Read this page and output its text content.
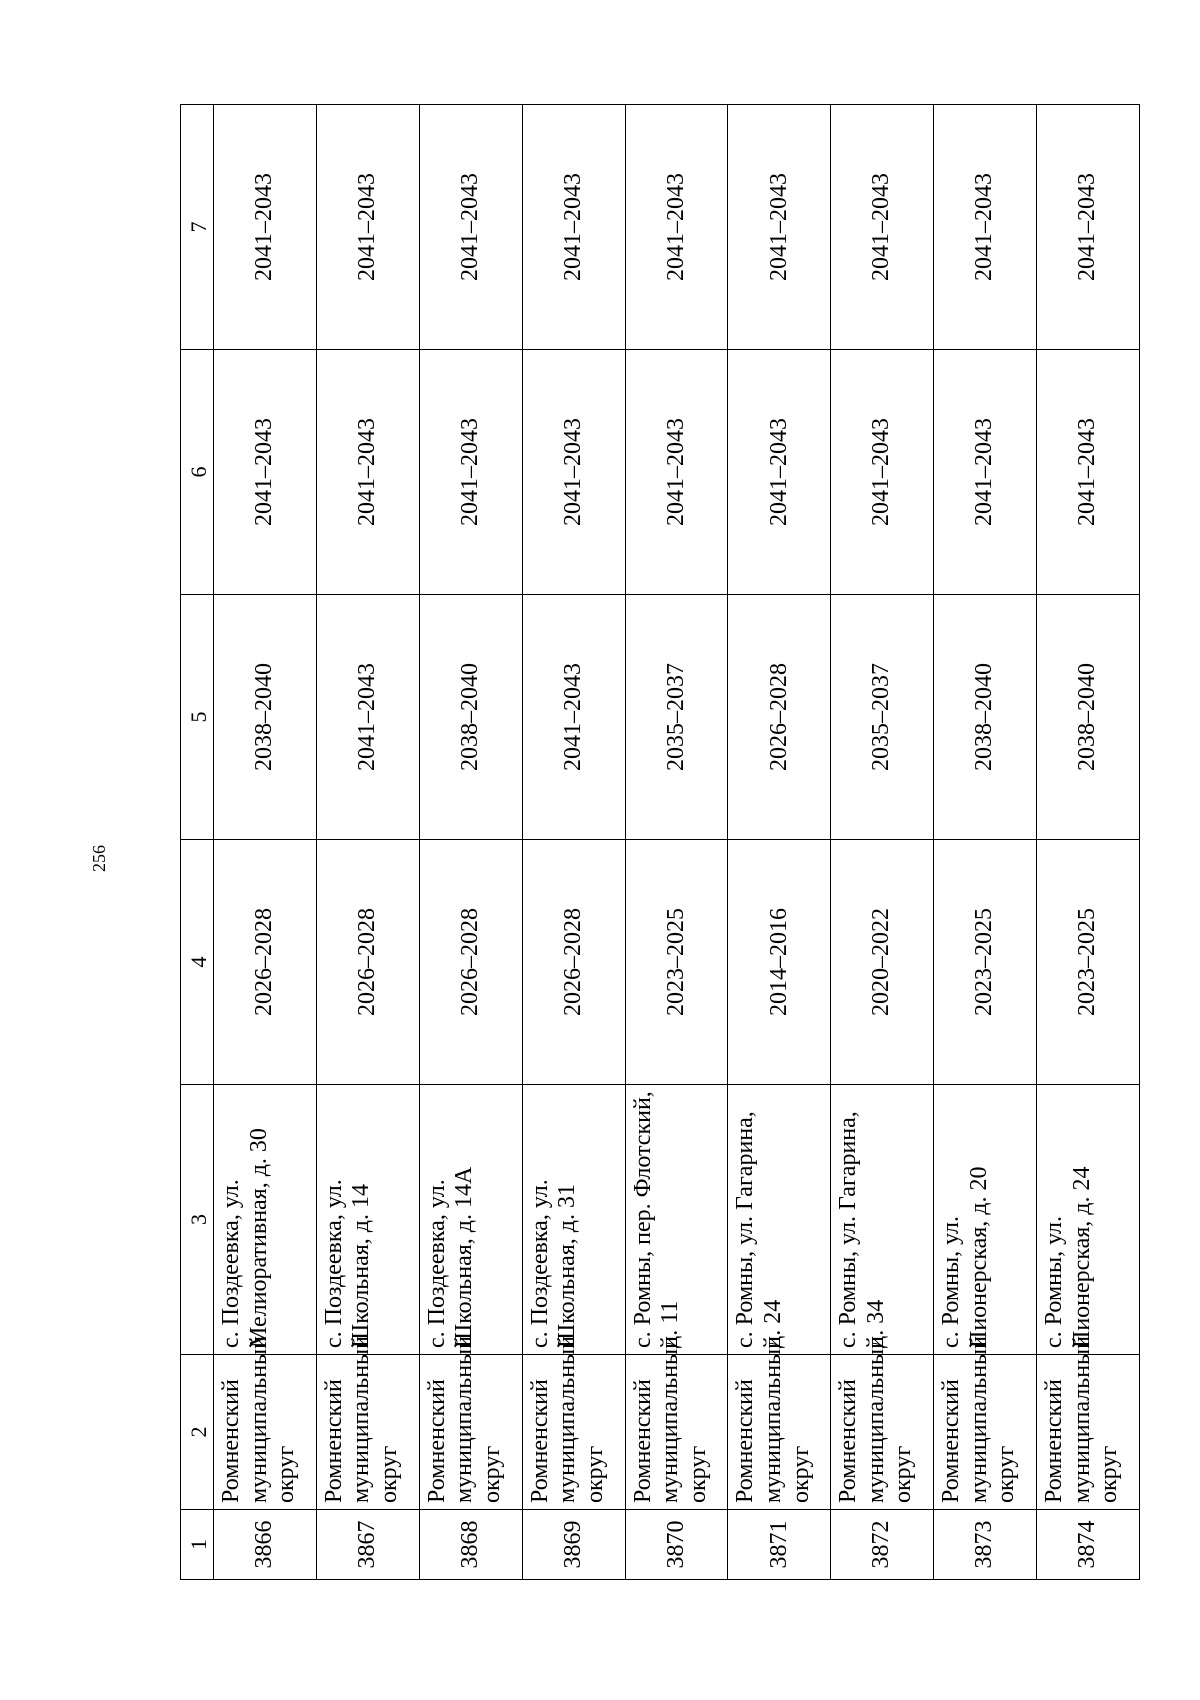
256
1	2	3	4	5	6	7
3866	Ромненский муниципальный округ	с. Поздеевка, ул. Мелиоративная, д. 30	2026–2028	2038–2040	2041–2043	2041–2043
3867	Ромненский муниципальный округ	с. Поздеевка, ул. Школьная, д. 14	2026–2028	2041–2043	2041–2043	2041–2043
3868	Ромненский муниципальный округ	с. Поздеевка, ул. Школьная, д. 14А	2026–2028	2038–2040	2041–2043	2041–2043
3869	Ромненский муниципальный округ	с. Поздеевка, ул. Школьная, д. 31	2026–2028	2041–2043	2041–2043	2041–2043
3870	Ромненский муниципальный округ	с. Ромны, пер. Флотский, д. 11	2023–2025	2035–2037	2041–2043	2041–2043
3871	Ромненский муниципальный округ	с. Ромны, ул. Гагарина, д. 24	2014–2016	2026–2028	2041–2043	2041–2043
3872	Ромненский муниципальный округ	с. Ромны, ул. Гагарина, д. 34	2020–2022	2035–2037	2041–2043	2041–2043
3873	Ромненский муниципальный округ	с. Ромны, ул. Пионерская, д. 20	2023–2025	2038–2040	2041–2043	2041–2043
3874	Ромненский муниципальный округ	с. Ромны, ул. Пионерская, д. 24	2023–2025	2038–2040	2041–2043	2041–2043
